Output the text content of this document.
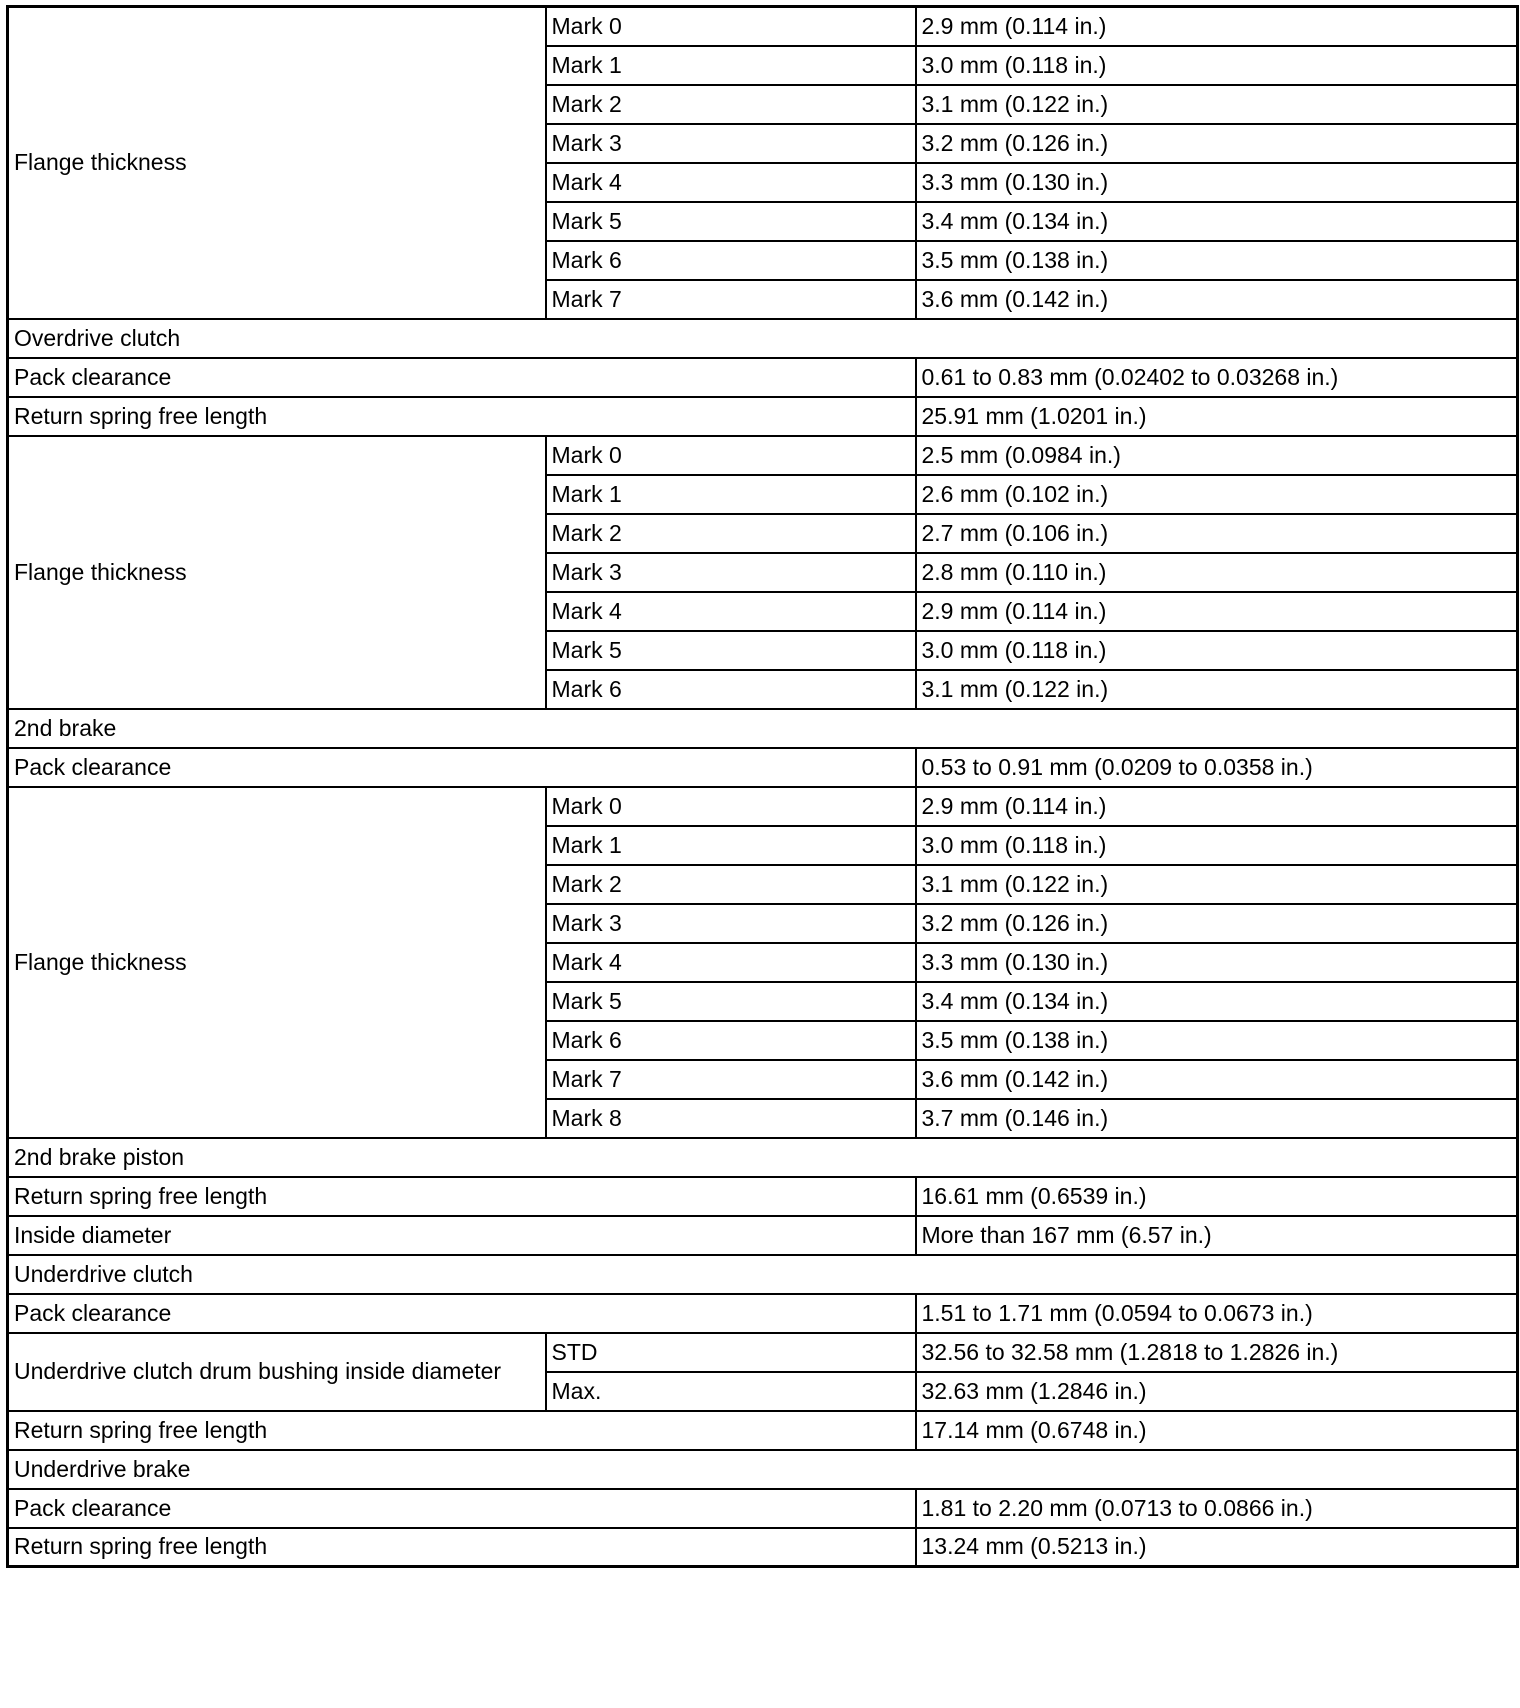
Flange thickness	Mark 0	2.9 mm (0.114 in.)
	Mark 1	3.0 mm (0.118 in.)
	Mark 2	3.1 mm (0.122 in.)
	Mark 3	3.2 mm (0.126 in.)
	Mark 4	3.3 mm (0.130 in.)
	Mark 5	3.4 mm (0.134 in.)
	Mark 6	3.5 mm (0.138 in.)
	Mark 7	3.6 mm (0.142 in.)
Overdrive clutch		
Pack clearance		0.61 to 0.83 mm (0.02402 to 0.03268 in.)
Return spring free length		25.91 mm (1.0201 in.)
Flange thickness	Mark 0	2.5 mm (0.0984 in.)
	Mark 1	2.6 mm (0.102 in.)
	Mark 2	2.7 mm (0.106 in.)
	Mark 3	2.8 mm (0.110 in.)
	Mark 4	2.9 mm (0.114 in.)
	Mark 5	3.0 mm (0.118 in.)
	Mark 6	3.1 mm (0.122 in.)
2nd brake		
Pack clearance		0.53 to 0.91 mm (0.0209 to 0.0358 in.)
Flange thickness	Mark 0	2.9 mm (0.114 in.)
	Mark 1	3.0 mm (0.118 in.)
	Mark 2	3.1 mm (0.122 in.)
	Mark 3	3.2 mm (0.126 in.)
	Mark 4	3.3 mm (0.130 in.)
	Mark 5	3.4 mm (0.134 in.)
	Mark 6	3.5 mm (0.138 in.)
	Mark 7	3.6 mm (0.142 in.)
	Mark 8	3.7 mm (0.146 in.)
2nd brake piston		
Return spring free length		16.61 mm (0.6539 in.)
Inside diameter		More than 167 mm (6.57 in.)
Underdrive clutch		
Pack clearance		1.51 to 1.71 mm (0.0594 to 0.0673 in.)
Underdrive clutch drum bushing inside diameter	STD	32.56 to 32.58 mm (1.2818 to 1.2826 in.)
	Max.	32.63 mm (1.2846 in.)
Return spring free length		17.14 mm (0.6748 in.)
Underdrive brake		
Pack clearance		1.81 to 2.20 mm (0.0713 to 0.0866 in.)
Return spring free length		13.24 mm (0.5213 in.)
